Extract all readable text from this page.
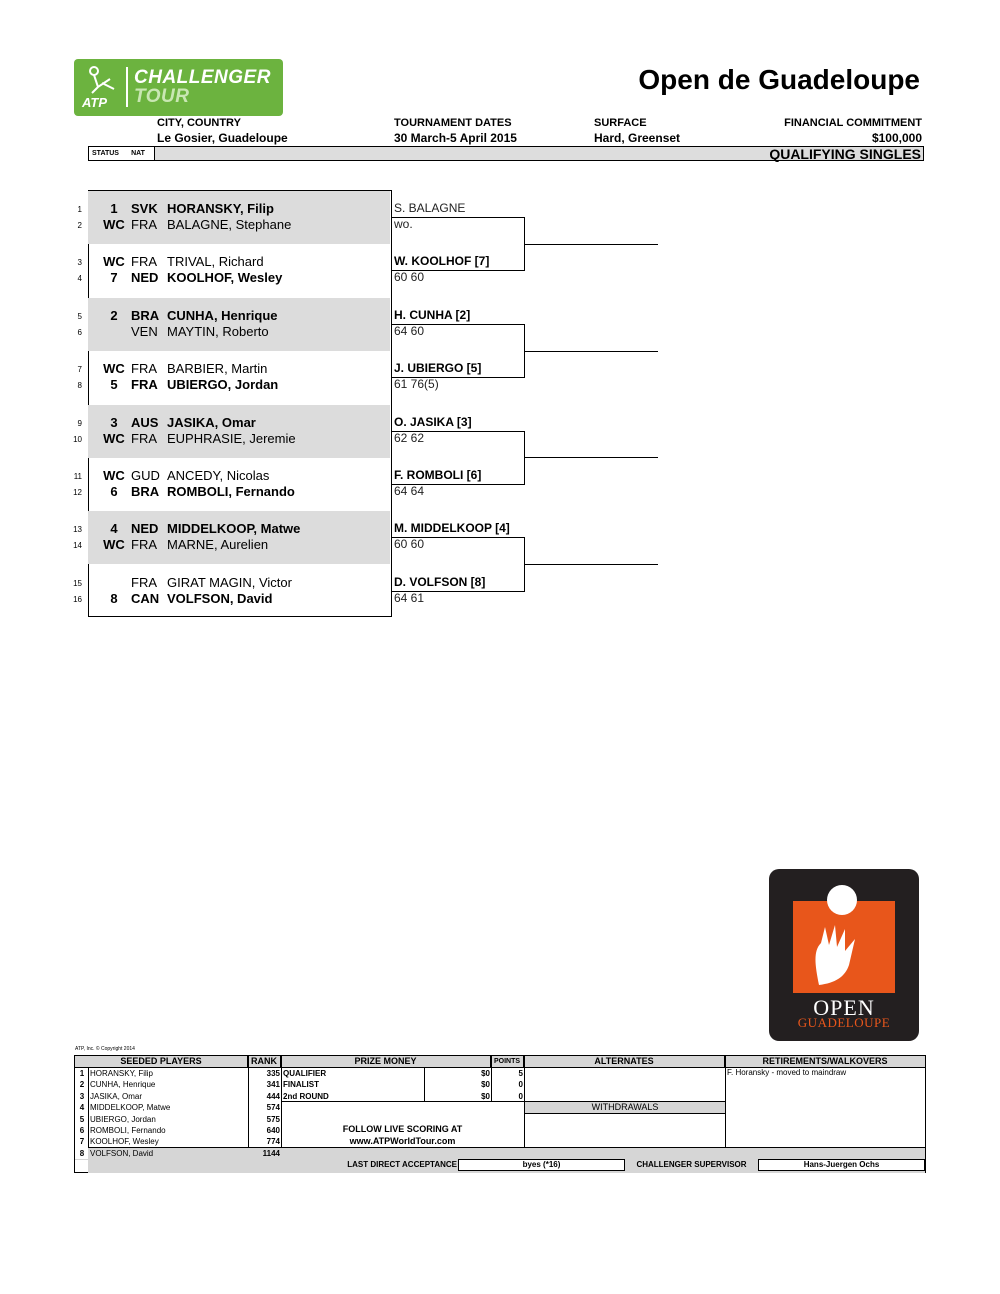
CHALLENGER
TOUR
ATP
Open de Guadeloupe
CITY, COUNTRY
Le Gosier, Guadeloupe
TOURNAMENT DATES
30 March-5 April 2015
SURFACE
Hard, Greenset
FINANCIAL COMMITMENT
$100,000
STATUS	NAT	QUALIFYING SINGLES
1	1	SVK HORANSKY, Filip
2	WC FRA BALAGNE, Stephane
S. BALAGNE
wo.
3	WC FRA TRIVAL, Richard
4	7	NED KOOLHOF, Wesley
W. KOOLHOF [7]
60 60
5	2	BRA CUNHA, Henrique
6	VEN MAYTIN, Roberto
H. CUNHA [2]
64 60
7	WC FRA BARBIER, Martin
8	5	FRA UBIERGO, Jordan
J. UBIERGO [5]
61 76(5)
9	3	AUS JASIKA, Omar
10	WC FRA EUPHRASIE, Jeremie
O. JASIKA [3]
62 62
11	WC GUD ANCEDY, Nicolas
12	6	BRA ROMBOLI, Fernando
F. ROMBOLI [6]
64 64
13	4	NED MIDDELKOOP, Matwe
14	WC FRA MARNE, Aurelien
M. MIDDELKOOP [4]
60 60
15	FRA GIRAT MAGIN, Victor
16	8	CAN VOLFSON, David
D. VOLFSON [8]
64 61
OPEN
GUADELOUPE
ATP, Inc. © Copyright 2014
SEEDED PLAYERS	RANK	PRIZE MONEY	POINTS	ALTERNATES	RETIREMENTS/WALKOVERS
WITHDRAWALS
1 HORANSKY, Filip	335
2 CUNHA, Henrique	341
3 JASIKA, Omar	444
4 MIDDELKOOP, Matwe	574
5 UBIERGO, Jordan	575
6 ROMBOLI, Fernando	640
7 KOOLHOF, Wesley	774
8 VOLFSON, David	1144
QUALIFIER	$0	5
FINALIST	$0	0
2nd ROUND	$0	0
F. Horansky - moved to maindraw
FOLLOW LIVE SCORING AT
www.ATPWorldTour.com
LAST DIRECT ACCEPTANCE	byes (*16)	CHALLENGER SUPERVISOR	Hans-Juergen Ochs
